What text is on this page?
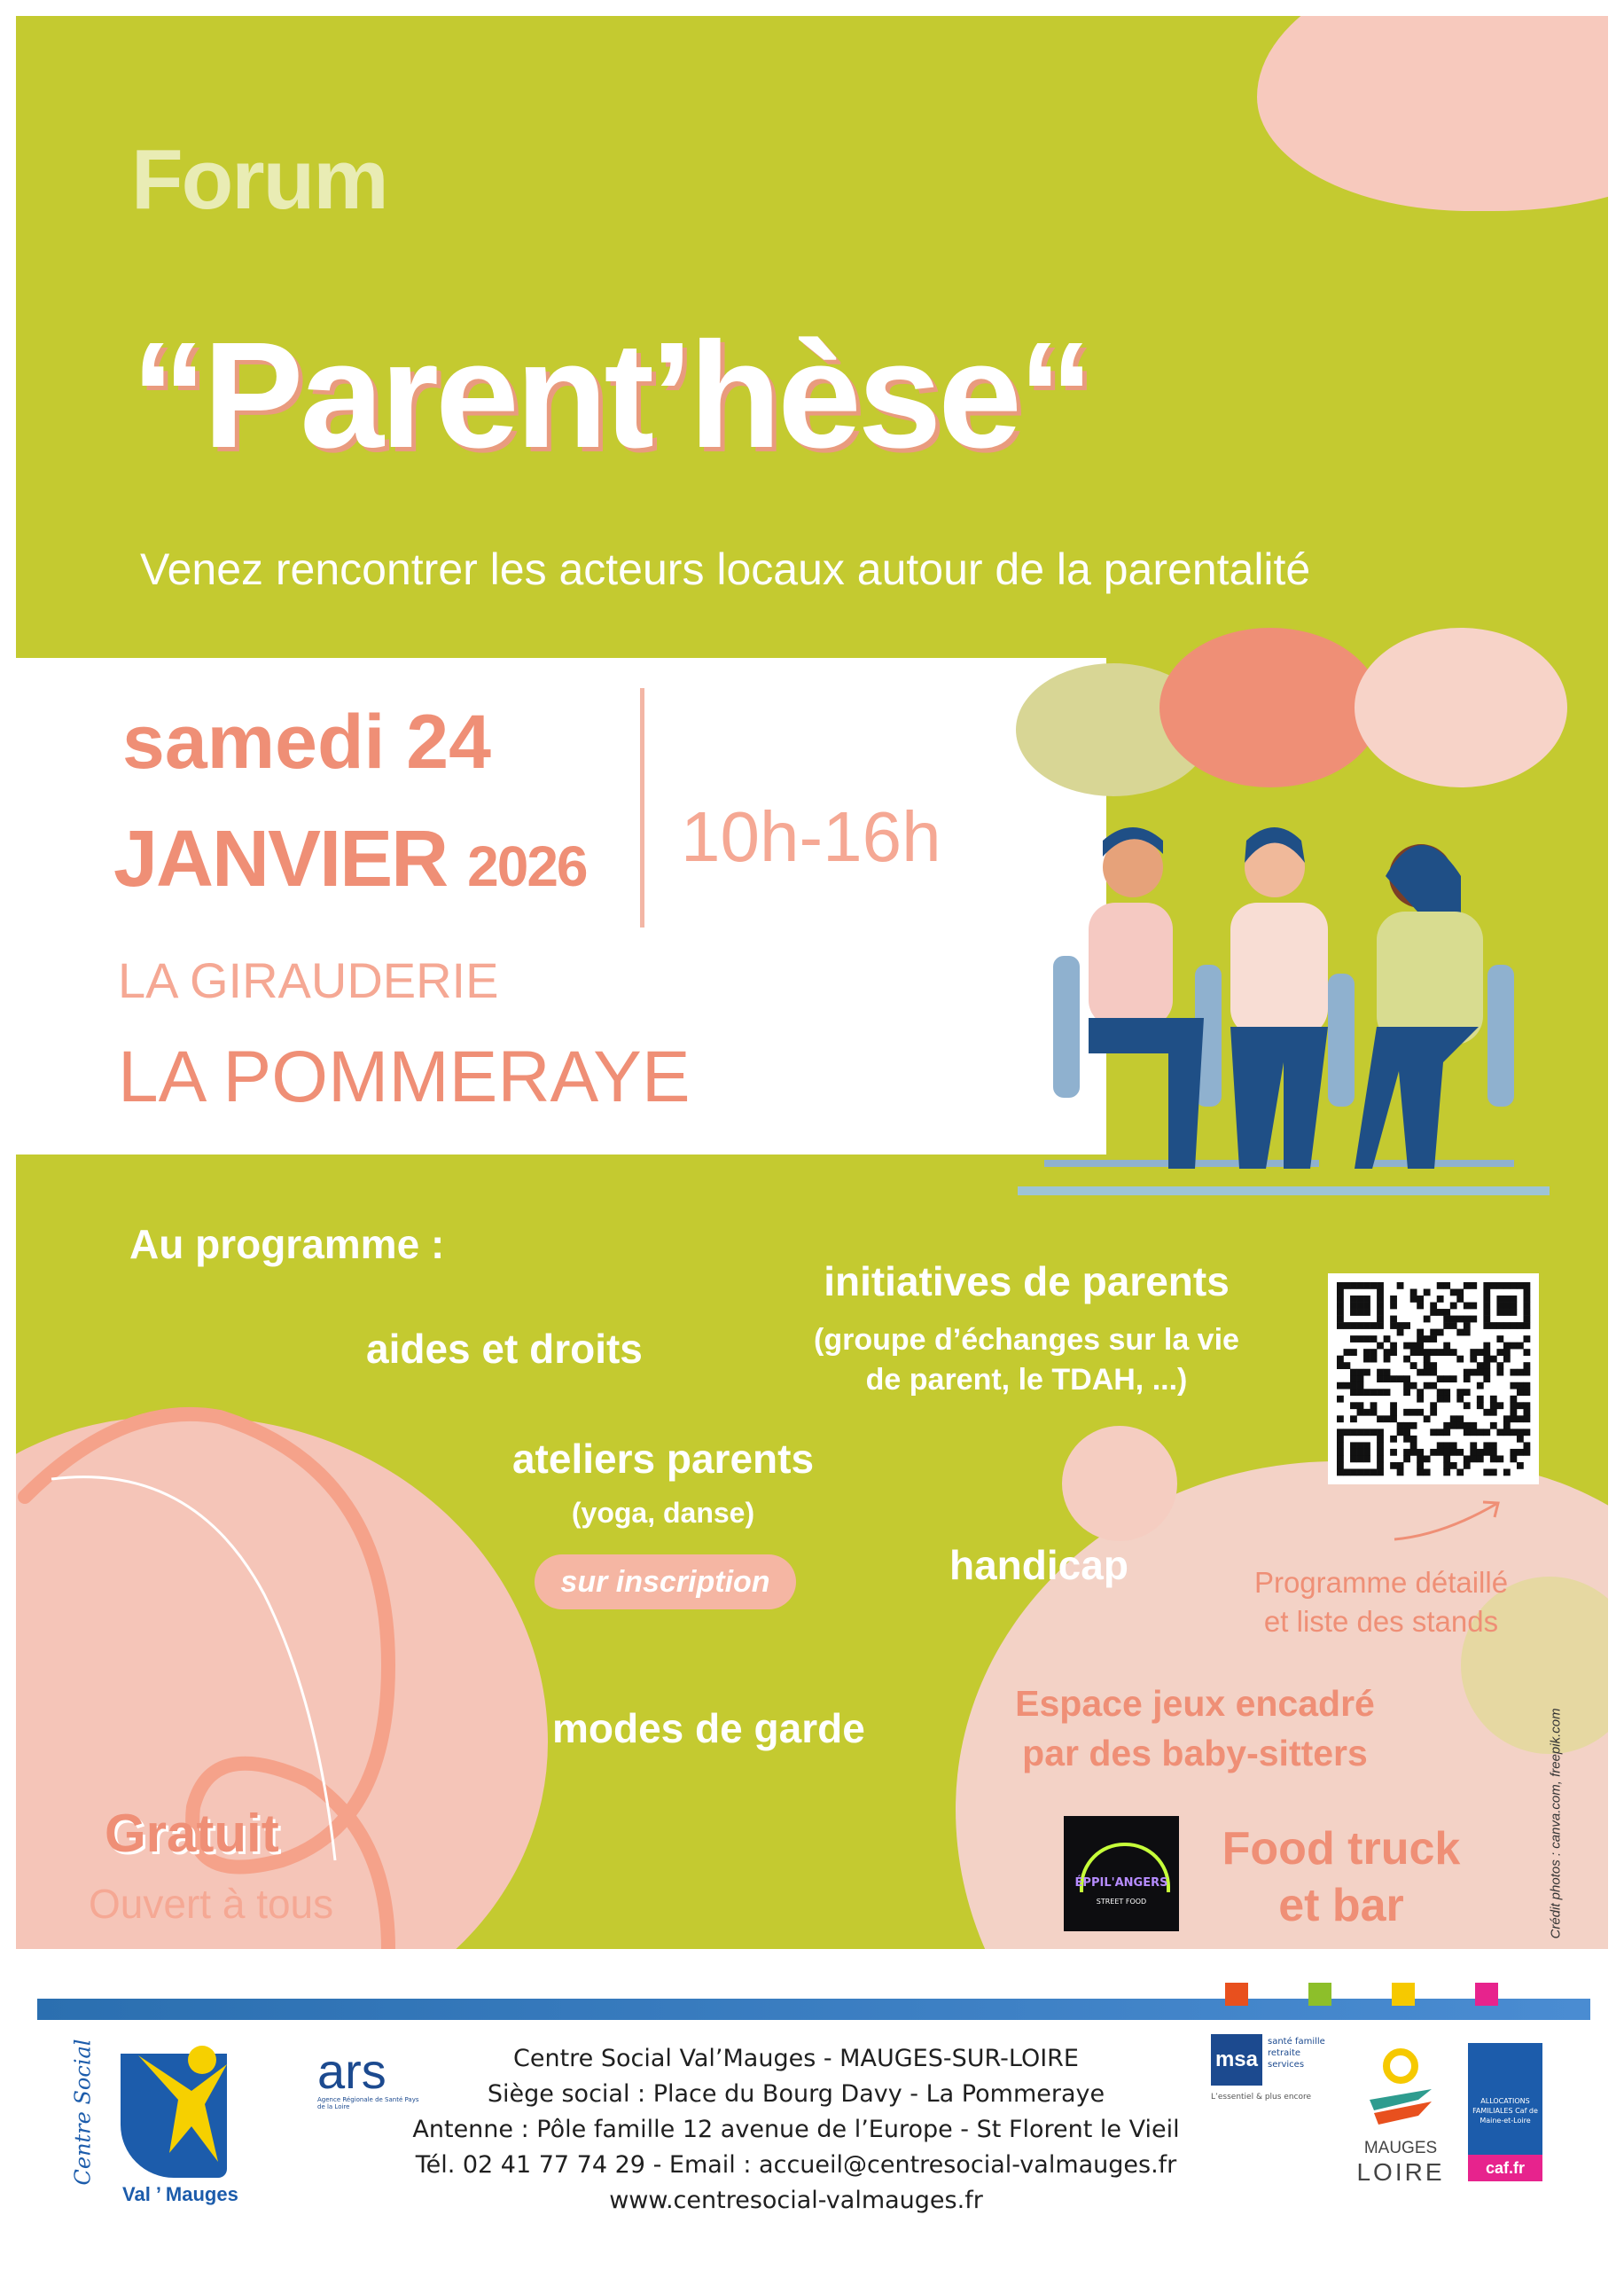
Forum
“Parent’hèse“
Venez rencontrer les acteurs locaux autour de la parentalité
samedi 24
JANVIER 2026 10h-16h
LA GIRAUDERIE
LA POMMERAYE
Au programme :
aides et droits
initiatives de parents
(groupe d’échanges sur la vie
de parent, le TDAH, ...)
ateliers parents
(yoga, danse)
sur inscription	handicap
modes de garde
Programme détaillé
et liste des stands
Espace jeux encadré
par des baby-sitters
ÉPPIL'ANGERS
STREET FOOD
Food truck
et bar
Gratuit
Ouvert à tous
Centre Social
Val ’ Mauges
ars
Agence Régionale de Santé Pays de la Loire
Centre Social Val’Mauges - MAUGES-SUR-LOIRE
Siège social : Place du Bourg Davy - La Pommeraye
Antenne : Pôle famille 12 avenue de l’Europe - St Florent le Vieil
Tél. 02 41 77 74 29 - Email : accueil@centresocial-valmauges.fr
www.centresocial-valmauges.fr
msa
santé famille retraite services
L’essentiel & plus encore
MAUGES
LOIRE
ALLOCATIONS FAMILIALES Caf de Maine-et-Loire
caf.fr
Crédit photos : canva.com, freepik.com
